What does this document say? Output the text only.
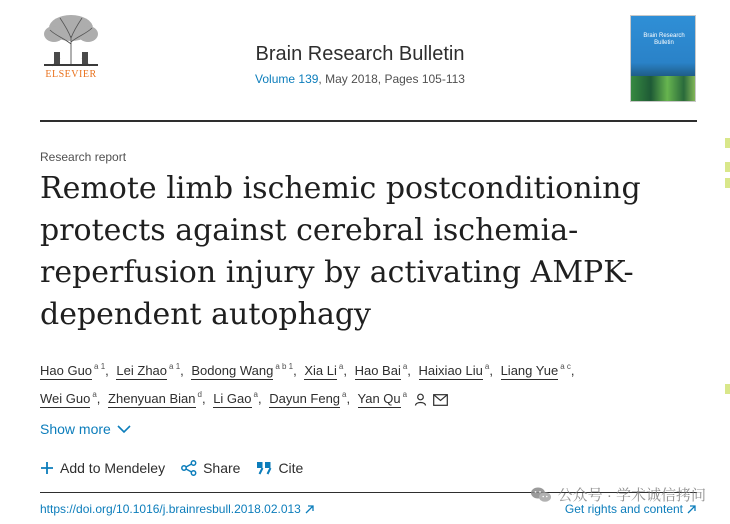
ELSEVIER
Brain Research Bulletin
Volume 139, May 2018, Pages 105-113
Brain Research Bulletin
Research report
Remote limb ischemic postconditioning protects against cerebral ischemia-reperfusion injury by activating AMPK-dependent autophagy
Hao Guo $^{a 1}$, Lei Zhao $^{a 1}$, Bodong Wang $^{a b 1}$, Xia Li $^a$, Hao Bai $^a$, Haixiao Liu $^a$, Liang Yue $^{a c}$,
Wei Guo $^a$, Zhenyuan Bian $^d$, Li Gao $^a$, Dayun Feng $^a$, Yan Qu $^a$
Show more
Add to Mendeley	Share	Cite
https://doi.org/10.1016/j.brainresbull.2018.02.013	Get rights and content
公众号 · 学术诚信拷问
